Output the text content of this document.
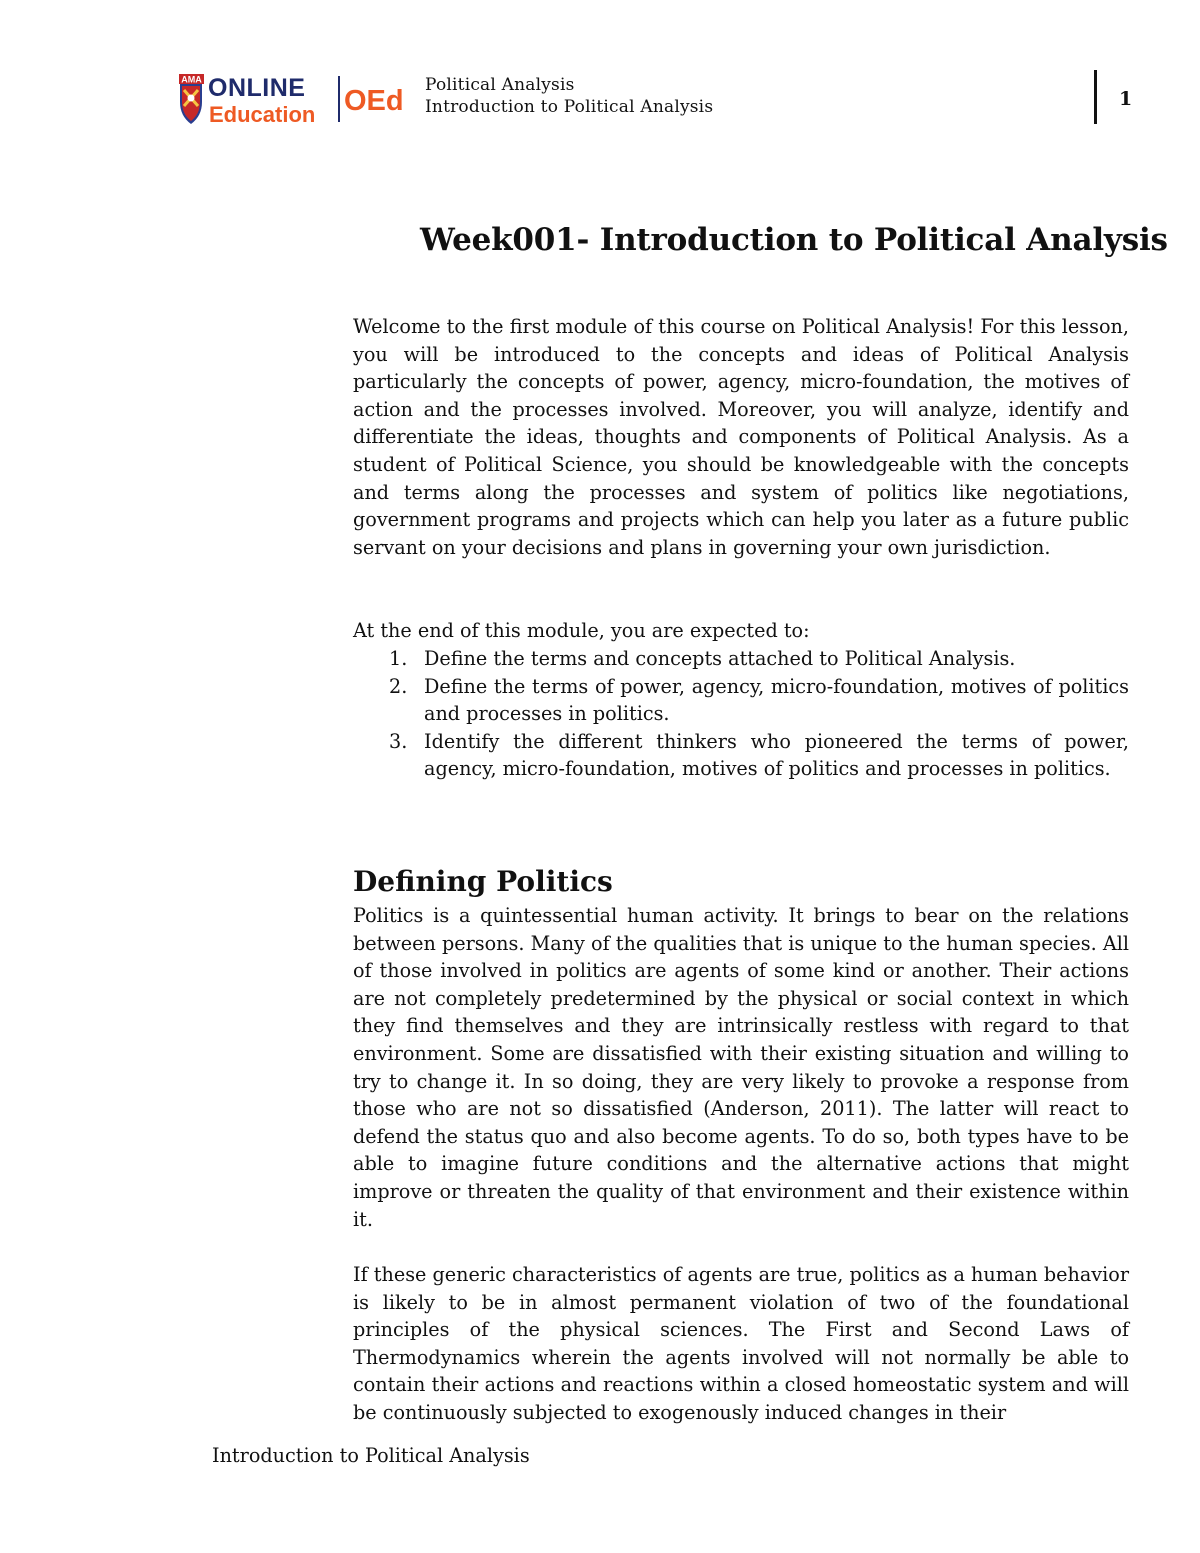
AMA ONLINE
Education OEd Political Analysis
Introduction to Political Analysis	1
Week001- Introduction to Political Analysis

Welcome to the first module of this course on Political Analysis! For this lesson, you will be introduced to the concepts and ideas of Political Analysis particularly the concepts of power, agency, micro-foundation, the motives of action and the processes involved. Moreover, you will analyze, identify and differentiate the ideas, thoughts and components of Political Analysis. As a student of Political Science, you should be knowledgeable with the concepts and terms along the processes and system of politics like negotiations, government programs and projects which can help you later as a future public servant on your decisions and plans in governing your own jurisdiction.

At the end of this module, you are expected to:
1. Define the terms and concepts attached to Political Analysis.
2. Define the terms of power, agency, micro-foundation, motives of politics and processes in politics.
3. Identify the different thinkers who pioneered the terms of power, agency, micro-foundation, motives of politics and processes in politics.
Defining Politics

Politics is a quintessential human activity. It brings to bear on the relations between persons. Many of the qualities that is unique to the human species. All of those involved in politics are agents of some kind or another. Their actions are not completely predetermined by the physical or social context in which they find themselves and they are intrinsically restless with regard to that environment. Some are dissatisfied with their existing situation and willing to try to change it. In so doing, they are very likely to provoke a response from those who are not so dissatisfied (Anderson, 2011). The latter will react to defend the status quo and also become agents. To do so, both types have to be able to imagine future conditions and the alternative actions that might improve or threaten the quality of that environment and their existence within it.

If these generic characteristics of agents are true, politics as a human behavior is likely to be in almost permanent violation of two of the foundational principles of the physical sciences. The First and Second Laws of Thermodynamics wherein the agents involved will not normally be able to contain their actions and reactions within a closed homeostatic system and will be continuously subjected to exogenously induced changes in their

Introduction to Political Analysis
